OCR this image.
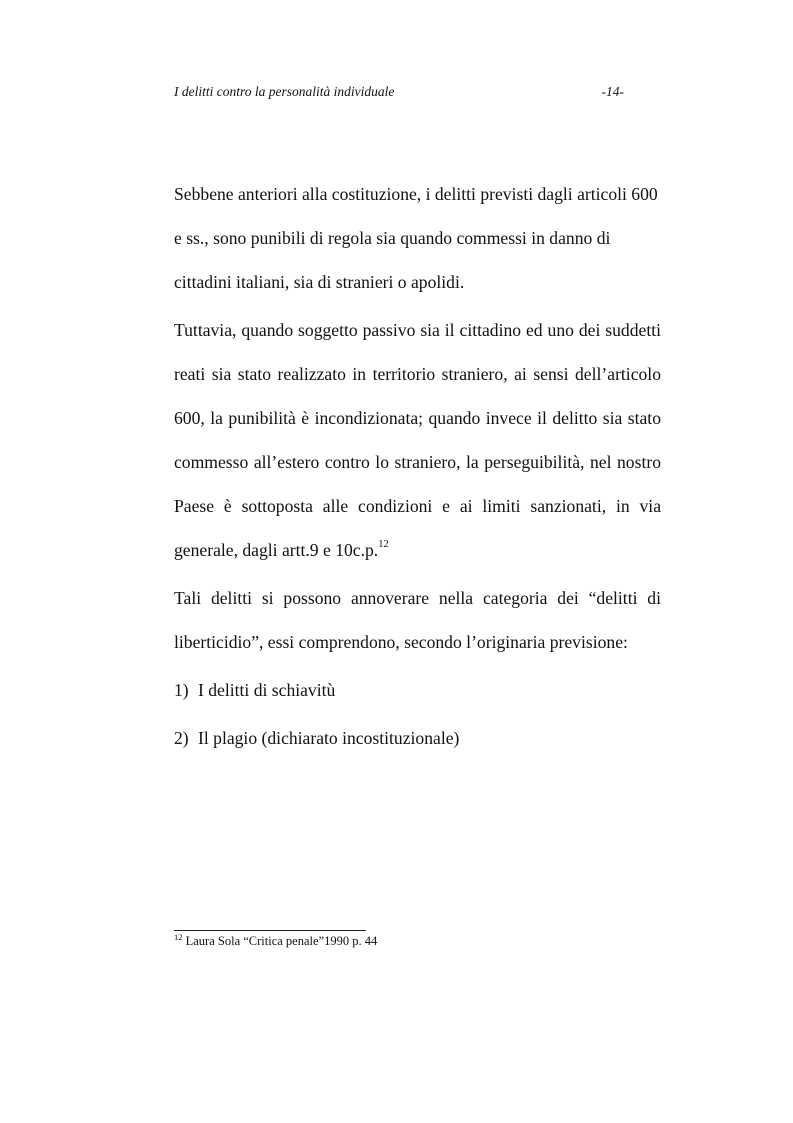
I delitti contro la personalità individuale	-14-

Sebbene anteriori alla costituzione, i delitti previsti dagli articoli 600 e ss., sono punibili di regola sia quando commessi in danno di cittadini italiani, sia di stranieri o apolidi.

Tuttavia, quando soggetto passivo sia il cittadino ed uno dei suddetti reati sia stato realizzato in territorio straniero, ai sensi dell’articolo 600, la punibilità è incondizionata; quando invece il delitto sia stato commesso all’estero contro lo straniero, la perseguibilità, nel nostro Paese è sottoposta alle condizioni e ai limiti sanzionati, in via generale, dagli artt.9 e 10c.p.$^{12}$

Tali delitti si possono annoverare nella categoria dei “delitti di liberticidio”, essi comprendono, secondo l’originaria previsione:

1) I delitti di schiavitù
2) Il plagio (dichiarato incostituzionale)
$^{12}$ Laura Sola “Critica penale”1990 p. 44
